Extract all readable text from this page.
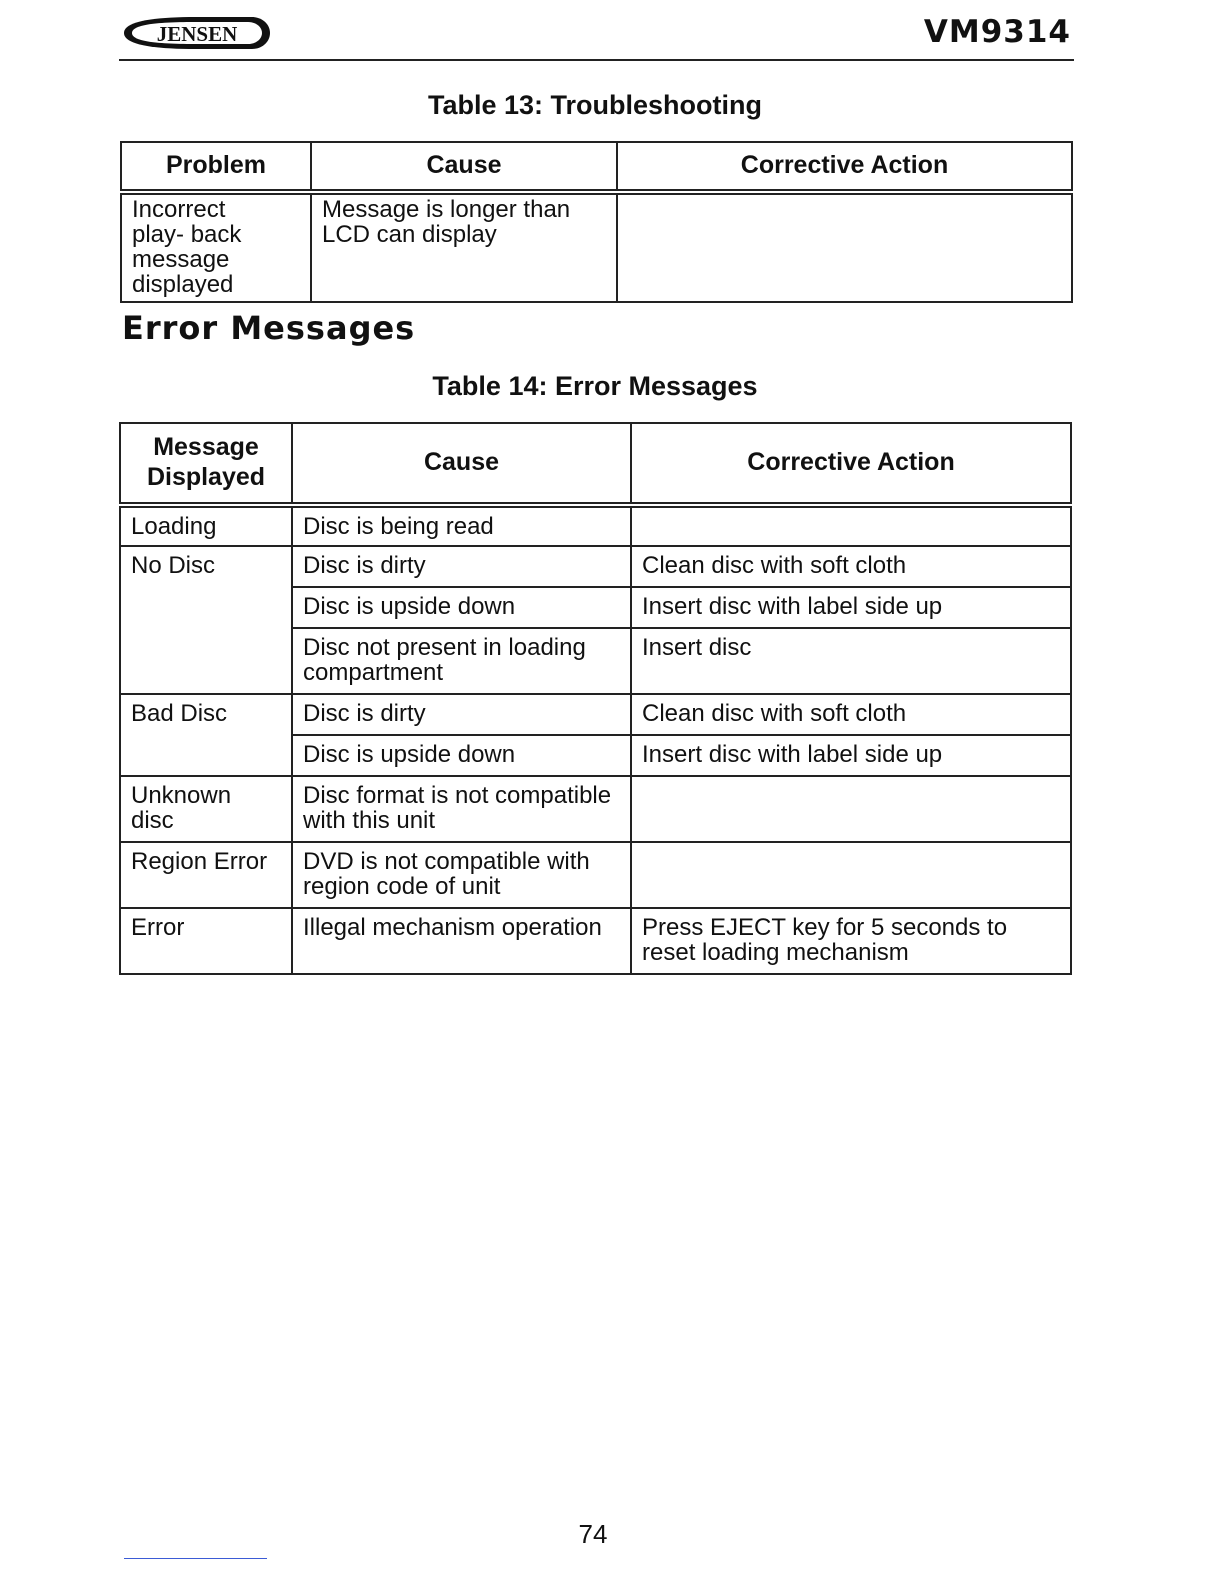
JENSEN	VM9314
Table 13: Troubleshooting
Problem	Cause	Corrective Action

Incorrect play- back message displayed	Message is longer than LCD can display	

Error Messages
Table 14: Error Messages
Message Displayed	Cause	Corrective Action
Loading	Disc is being read	
No Disc	Disc is dirty	Clean disc with soft cloth
	Disc is upside down	Insert disc with label side up

	Disc not present in loading compartment	Insert disc
Bad Disc	Disc is dirty	Clean disc with soft cloth
	Disc is upside down	Insert disc with label side up

Unknown disc	Disc format is not compatible with this unit	

Region Error	DVD is not compatible with region code of unit	

Error	Illegal mechanism operation	Press EJECT key for 5 seconds to reset loading mechanism
74
